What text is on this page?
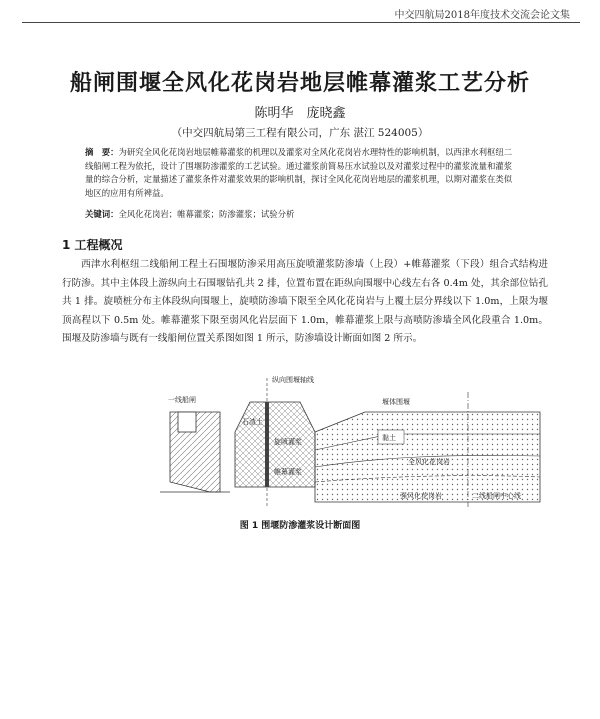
中交四航局2018年度技术交流会论文集
船闸围堰全风化花岗岩地层帷幕灌浆工艺分析
陈明华　庞晓鑫
（中交四航局第三工程有限公司，广东 湛江 524005）
摘　要：为研究全风化花岗岩地层帷幕灌浆的机理以及灌浆对全风化花岗岩水理特性的影响机制，以西津水利枢纽二线船闸工程为依托，设计了围堰防渗灌浆的工艺试验。通过灌浆前简易压水试验以及对灌浆过程中的灌浆流量和灌浆量的综合分析，定量描述了灌浆条件对灌浆效果的影响机制，探讨全风化花岗岩地层的灌浆机理，以期对灌浆在类似地区的应用有所裨益。
关键词：全风化花岗岩；帷幕灌浆；防渗灌浆；试验分析
1 工程概况
西津水利枢纽二线船闸工程土石围堰防渗采用高压旋喷灌浆防渗墙（上段）+帷幕灌浆（下段）组合式结构进行防渗。其中主体段上游纵向土石围堰钻孔共 2 排，位置布置在距纵向围堰中心线左右各 0.4m 处，其余部位钻孔共 1 排。旋喷桩分布主体段纵向围堰上，旋喷防渗墙下限至全风化花岗岩与上覆土层分界线以下 1.0m，上限为堰顶高程以下 0.5m 处。帷幕灌浆下限至弱风化岩层面下 1.0m，帷幕灌浆上限与高喷防渗墙全风化段重合 1.0m。围堰及防渗墙与既有一线船闸位置关系图如图 1 所示，防渗墙设计断面如图 2 所示。
一线船闸
纵向围堰轴线
堰体围堰
石渣土
旋喷灌浆	黏土
全风化花岗岩
帷幕灌浆
强风化花岗岩	二线船闸中心线
图 1 围堰防渗灌浆设计断面图
